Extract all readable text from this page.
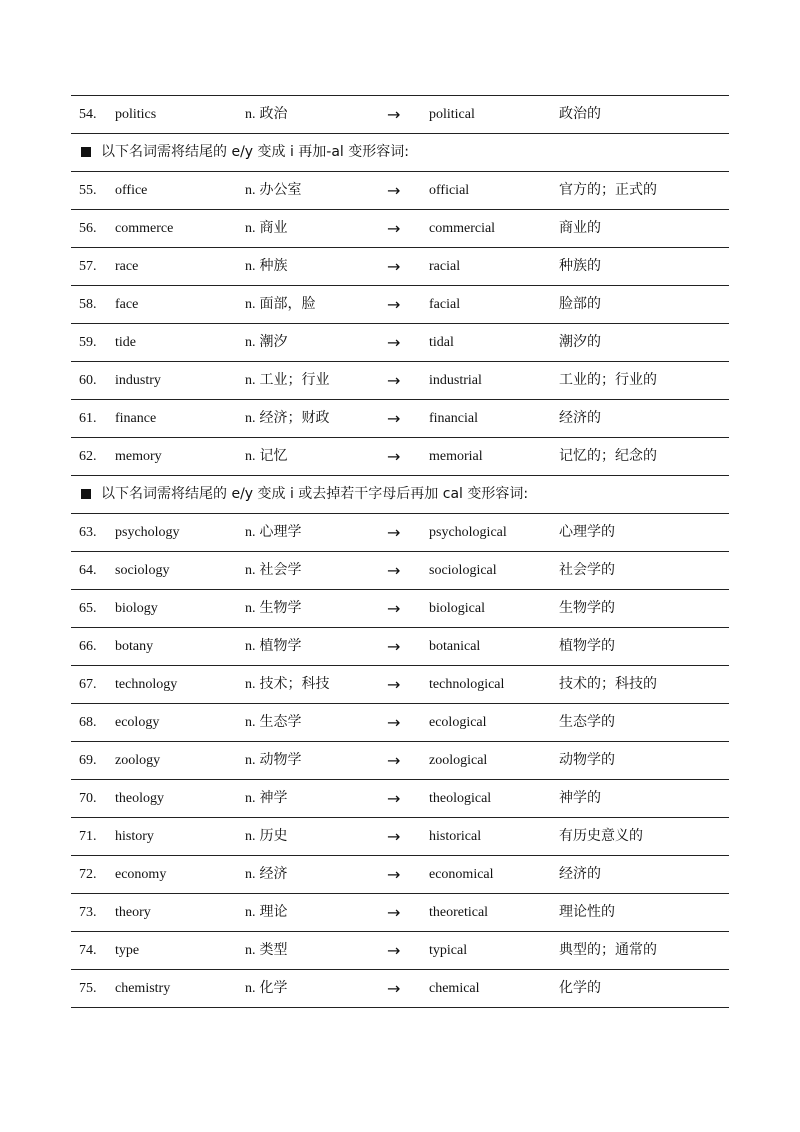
54. politics	n. 政治	→ political	政治的
以下名词需将结尾的 e/y 变成 i 再加-al 变形容词:
55. office	n. 办公室	→ official	官方的；正式的
56. commerce	n. 商业	→ commercial	商业的
57. race	n. 种族	→ racial	种族的
58. face	n. 面部，脸	→ facial	脸部的
59. tide	n. 潮汐	→ tidal	潮汐的
60. industry	n. 工业；行业	→ industrial	工业的；行业的
61. finance	n. 经济；财政	→ financial	经济的
62. memory	n. 记忆	→ memorial	记忆的；纪念的
以下名词需将结尾的 e/y 变成 i 或去掉若干字母后再加 cal 变形容词:
63. psychology	n. 心理学	→ psychological	心理学的
64. sociology	n. 社会学	→ sociological	社会学的
65. biology	n. 生物学	→ biological	生物学的
66. botany	n. 植物学	→ botanical	植物学的
67. technology	n. 技术；科技	→ technological	技术的；科技的
68. ecology	n. 生态学	→ ecological	生态学的
69. zoology	n. 动物学	→ zoological	动物学的
70. theology	n. 神学	→ theological	神学的
71. history	n. 历史	→ historical	有历史意义的
72. economy	n. 经济	→ economical	经济的
73. theory	n. 理论	→ theoretical	理论性的
74. type	n. 类型	→ typical	典型的；通常的
75. chemistry	n. 化学	→ chemical	化学的
